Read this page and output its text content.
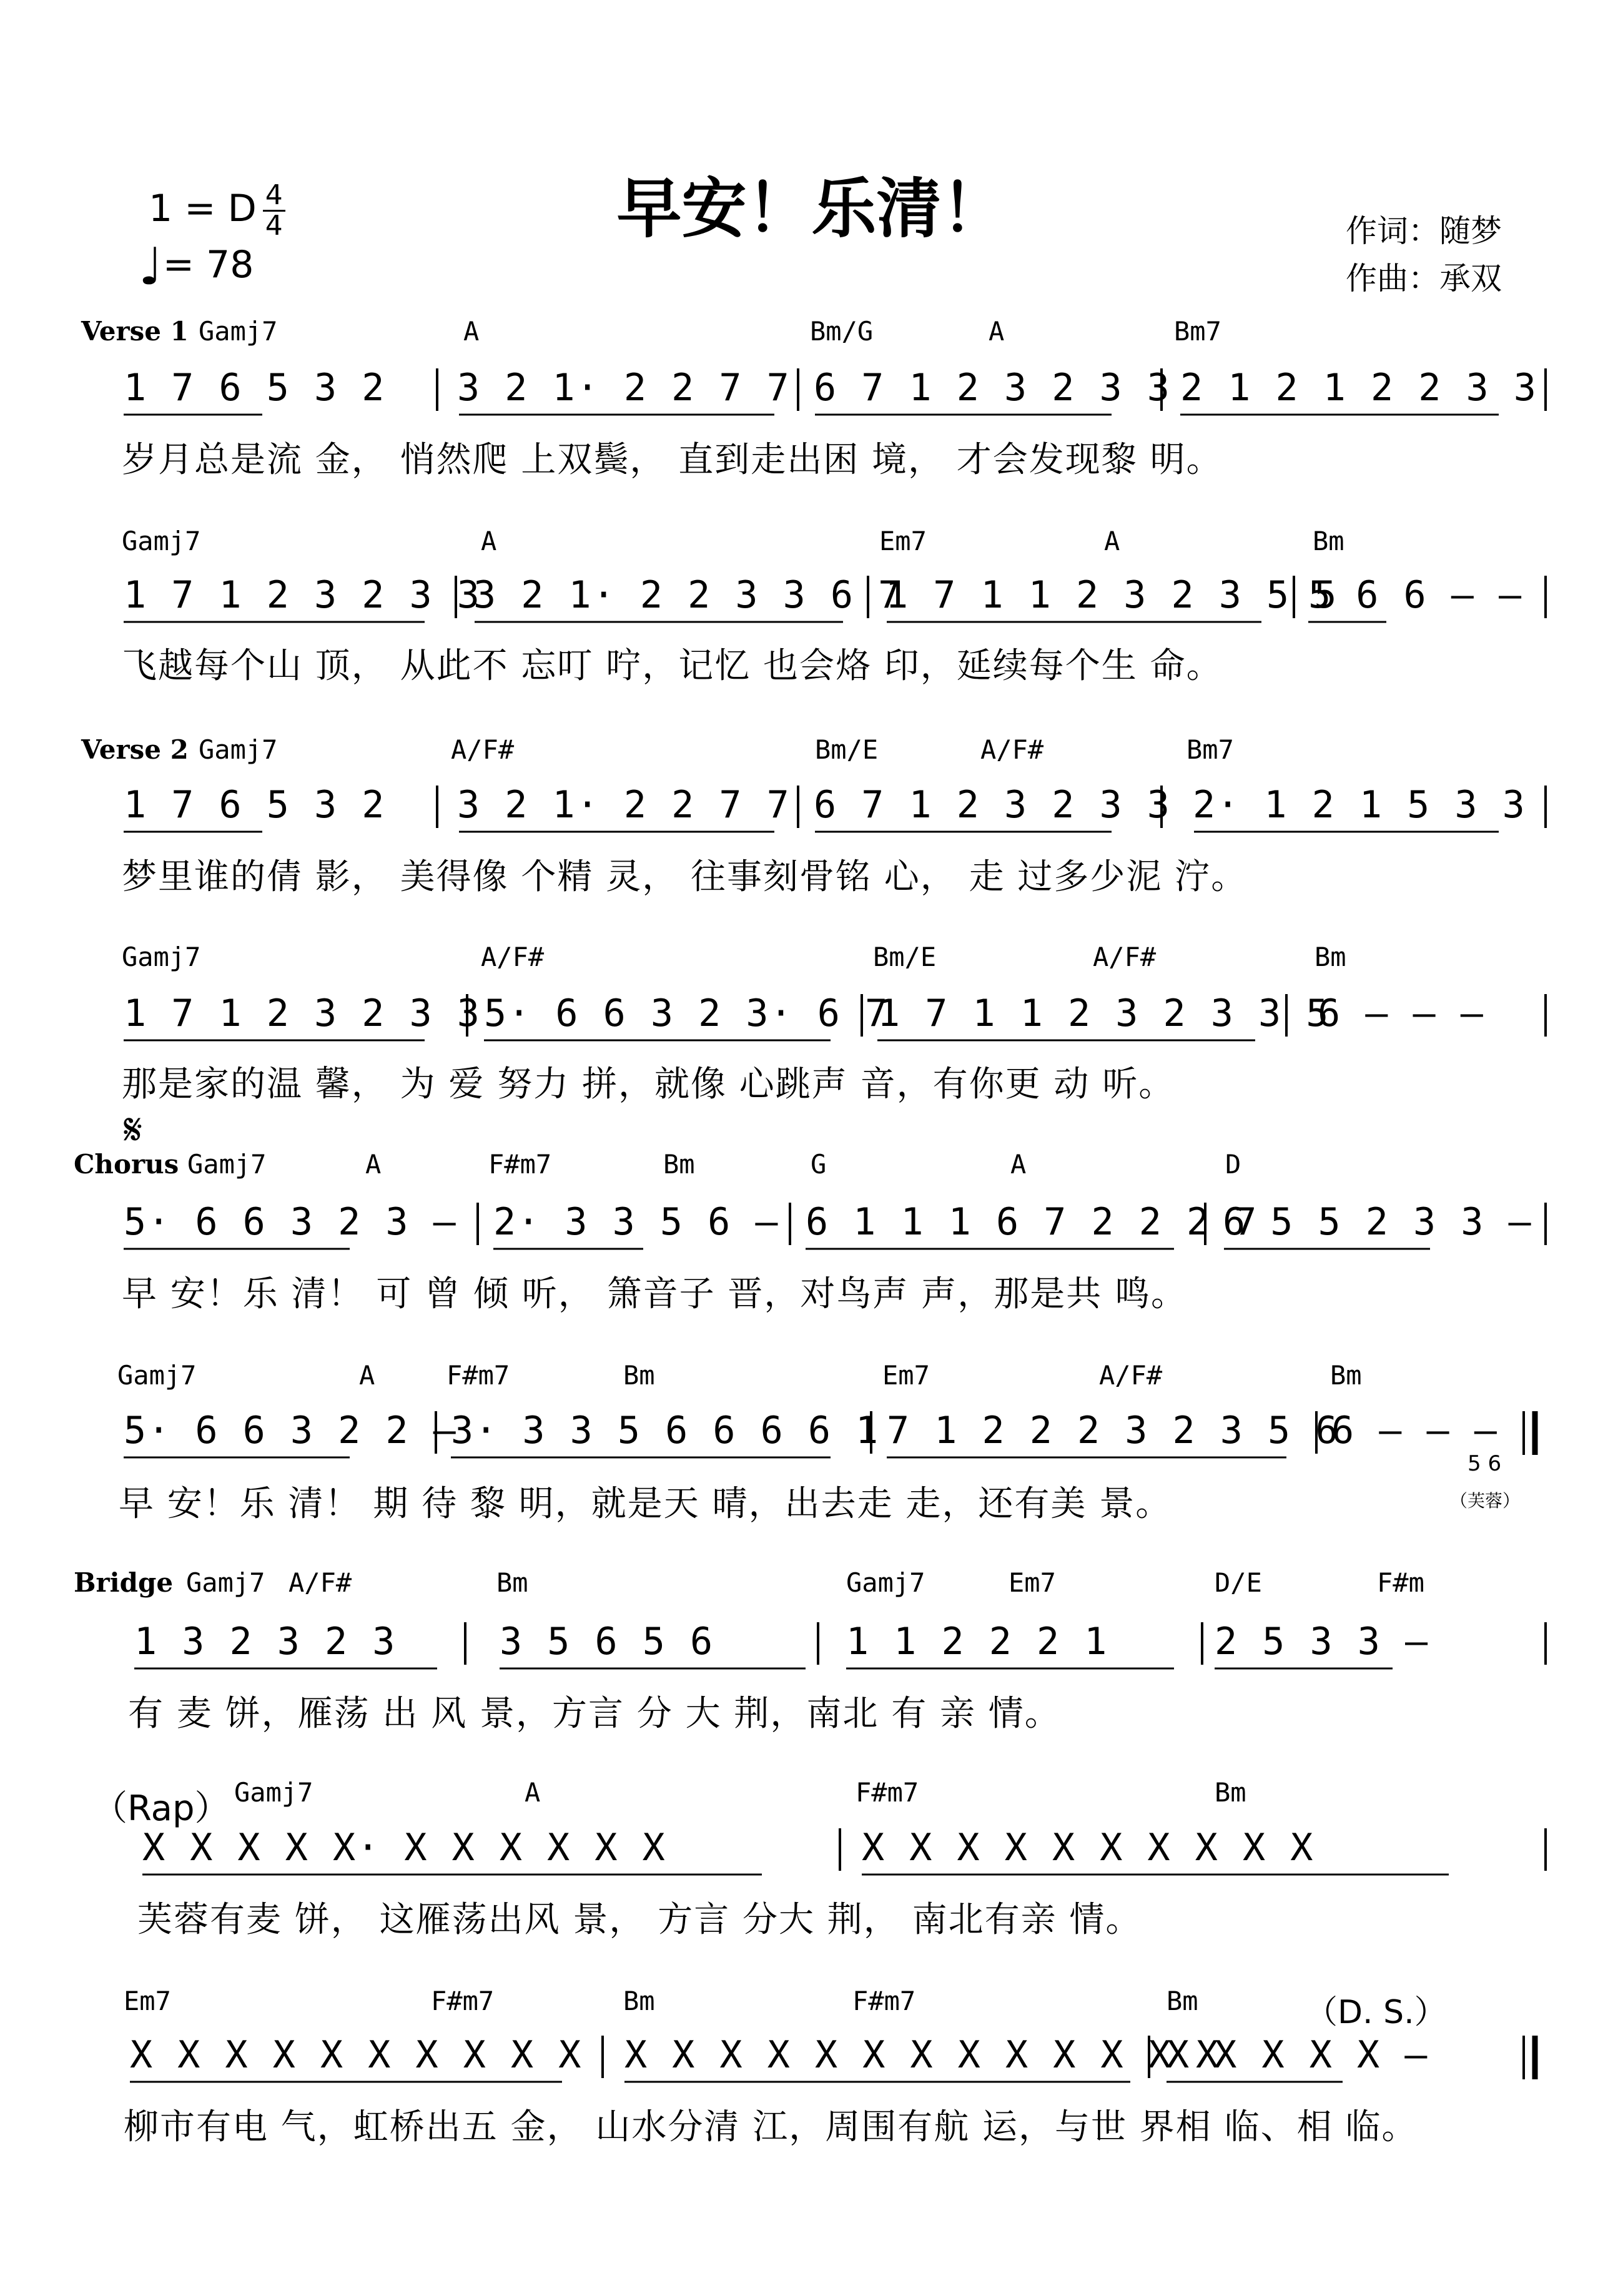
早安！乐清！
1 = D $\frac{4}{4}$
♩= 78
作词：随梦
作曲：承双
Verse 1 Gamj7	A	Bm/G	A	Bm7
1 7 6 5 3 2 3 2 1· 2 2 7 7 6 7 1 2 3 2 3 3 2 1 2 1 2 2 3 3
岁月总是流 金， 悄然爬 上双鬓， 直到走出困 境， 才会发现黎 明。
Gamj7	A	Em7	A	Bm
1 7 1 2 3 2 3 3
3 2 1· 2 2 3 3 6 7
1 7 1 1 2 3 2 3 5 5
5 6 6 – –
飞越每个山 顶， 从此不 忘叮 咛，记忆 也会烙 印，延续每个生 命。
Verse 2 Gamj7	A/F#	Bm/E	A/F#	Bm7
1 7 6 5 3 2 3 2 1· 2 2 7 7 6 7 1 2 3 2 3 3 2· 1 2 1 5 3 3
梦里谁的倩 影， 美得像 个精 灵， 往事刻骨铭 心， 走 过多少泥 泞。
Gamj7	A/F#	Bm/E	A/F#	Bm
1 7 1 2 3 2 3 3 5· 6 6 3 2 3· 6 7
1 7 1 1 2 3 2 3 3 5
6 – – –
那是家的温 馨， 为 爱 努力 拼，就像 心跳声 音，有你更 动 听。
𝄋
Chorus Gamj7	A	F#m7	Bm	G	A	D
5· 6 6 3 2 3 – 2· 3 3 5 6 – 6 1 1 1 6 7 2 2 2 7
6 5 5 2 3 3 –
早 安！乐 清！ 可 曾 倾 听， 箫音子 晋，对鸟声 声，那是共 鸣。
Gamj7	A	F#m7	Bm	Em7	A/F#	Bm
5· 6 6 3 2 2 –
3· 3 3 5 6 6 6 6 1 7 1 2 2 2 3 2 3 5 6
6 – – –
早 安！乐 清！ 期 待 黎 明，就是天 晴，出去走 走，还有美 景。
5 6
（芙蓉）
Bridge Gamj7 A/F#	Bm	Gamj7	Em7	D/E	F#m
1 3 2 3 2 3	3 5 6 5 6	1 1 2 2 2 1	2 5 3 3 –
有 麦 饼，雁荡 出 风 景，方言 分 大 荆，南北 有 亲 情。
（Rap） Gamj7	A	F#m7	Bm
X X X X X· X X X X X X	X X X X X X X X X X
芙蓉有麦 饼， 这雁荡出风 景， 方言 分大 荆， 南北有亲 情。
Em7	F#m7	Bm	F#m7	Bm	（D. S.）
X X X X X X X X X X X X X X X X X X X X X X X
X X X X X –
柳市有电 气，虹桥出五 金， 山水分清 江，周围有航 运，与世 界相 临、相 临。
